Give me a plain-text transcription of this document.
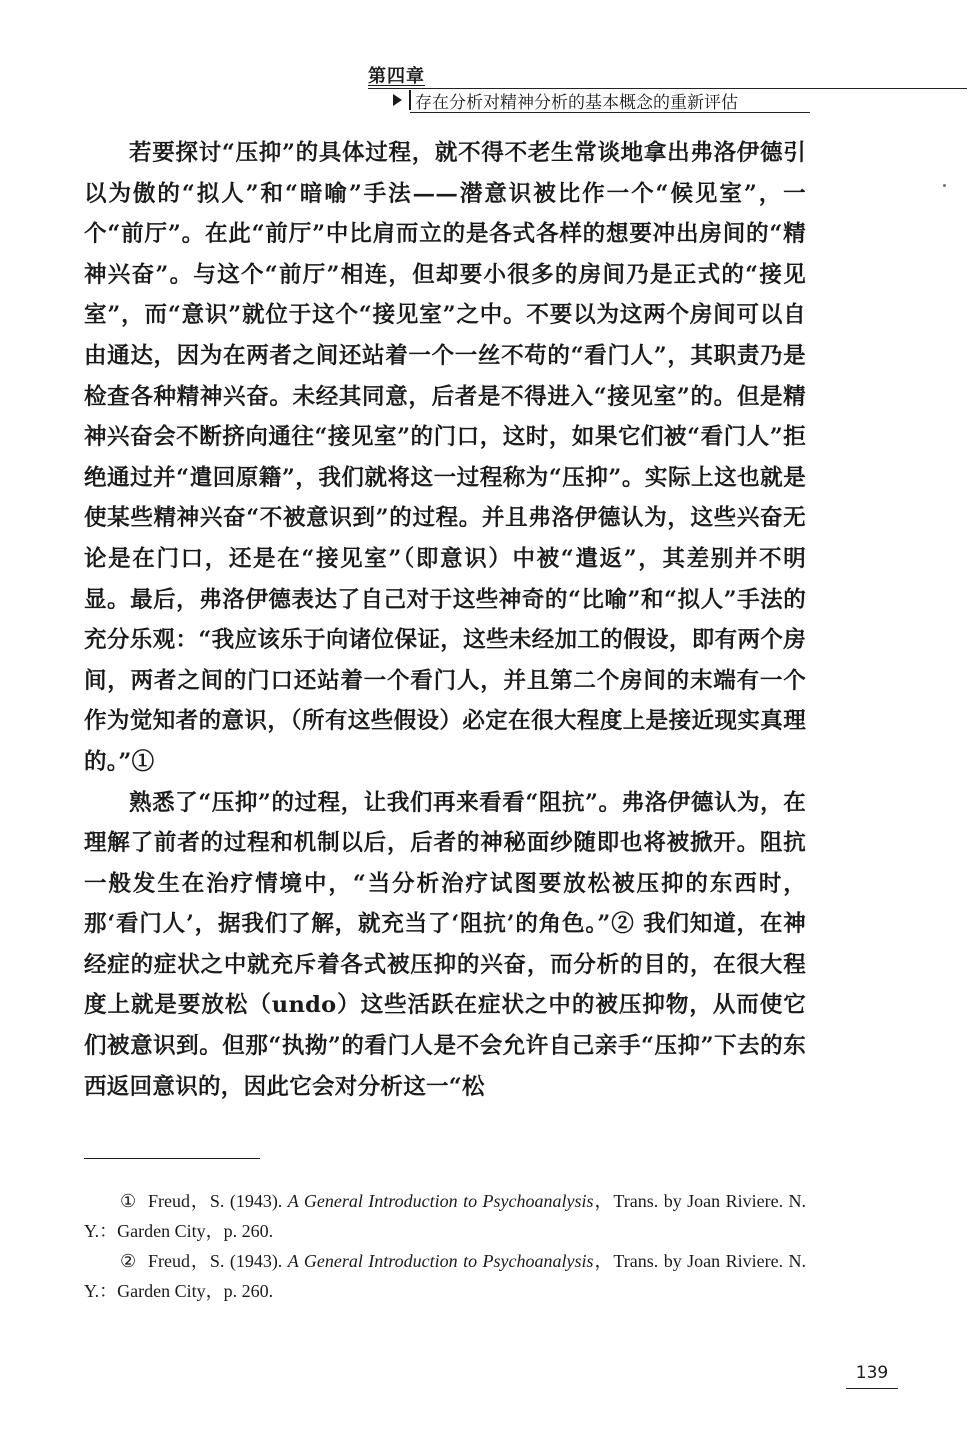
第四章
存在分析对精神分析的基本概念的重新评估

若要探讨“压抑”的具体过程，就不得不老生常谈地拿出弗洛伊德引以为傲的“拟人”和“暗喻”手法——潜意识被比作一个“候见室”，一个“前厅”。在此“前厅”中比肩而立的是各式各样的想要冲出房间的“精神兴奋”。与这个“前厅”相连，但却要小很多的房间乃是正式的“接见室”，而“意识”就位于这个“接见室”之中。不要以为这两个房间可以自由通达，因为在两者之间还站着一个一丝不苟的“看门人”，其职责乃是检查各种精神兴奋。未经其同意，后者是不得进入“接见室”的。但是精神兴奋会不断挤向通往“接见室”的门口，这时，如果它们被“看门人”拒绝通过并“遣回原籍”，我们就将这一过程称为“压抑”。实际上这也就是使某些精神兴奋“不被意识到”的过程。并且弗洛伊德认为，这些兴奋无论是在门口，还是在“接见室”（即意识）中被“遣返”，其差别并不明显。最后，弗洛伊德表达了自己对于这些神奇的“比喻”和“拟人”手法的充分乐观：“我应该乐于向诸位保证，这些未经加工的假设，即有两个房间，两者之间的门口还站着一个看门人，并且第二个房间的末端有一个作为觉知者的意识，（所有这些假设）必定在很大程度上是接近现实真理的。”①

熟悉了“压抑”的过程，让我们再来看看“阻抗”。弗洛伊德认为，在理解了前者的过程和机制以后，后者的神秘面纱随即也将被掀开。阻抗一般发生在治疗情境中，“当分析治疗试图要放松被压抑的东西时，那‘看门人’，据我们了解，就充当了‘阻抗’的角色。”② 我们知道，在神经症的症状之中就充斥着各式被压抑的兴奋，而分析的目的，在很大程度上就是要放松（undo）这些活跃在症状之中的被压抑物，从而使它们被意识到。但那“执拗”的看门人是不会允许自己亲手“压抑”下去的东西返回意识的，因此它会对分析这一“松

① Freud，S. (1943). A General Introduction to Psychoanalysis，Trans. by Joan Riviere. N. Y.：Garden City，p. 260.

② Freud，S. (1943). A General Introduction to Psychoanalysis，Trans. by Joan Riviere. N. Y.：Garden City，p. 260.

139
